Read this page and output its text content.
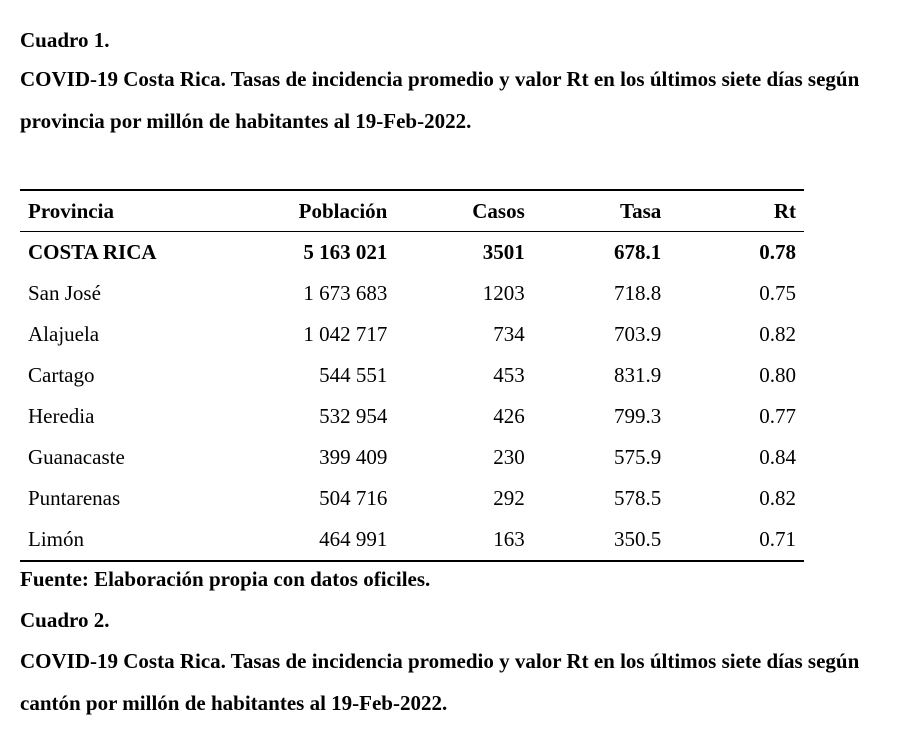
Cuadro 1.
COVID-19 Costa Rica. Tasas de incidencia promedio y valor Rt en los últimos siete días según provincia por millón de habitantes al 19-Feb-2022.
Provincia	Población	Casos	Tasa	Rt
COSTA RICA	5 163 021	3501	678.1	0.78
San José	1 673 683	1203	718.8	0.75
Alajuela	1 042 717	734	703.9	0.82
Cartago	544 551	453	831.9	0.80
Heredia	532 954	426	799.3	0.77
Guanacaste	399 409	230	575.9	0.84
Puntarenas	504 716	292	578.5	0.82
Limón	464 991	163	350.5	0.71
Fuente: Elaboración propia con datos oficiles.
Cuadro 2.
COVID-19 Costa Rica. Tasas de incidencia promedio y valor Rt en los últimos siete días según cantón por millón de habitantes al 19-Feb-2022.
